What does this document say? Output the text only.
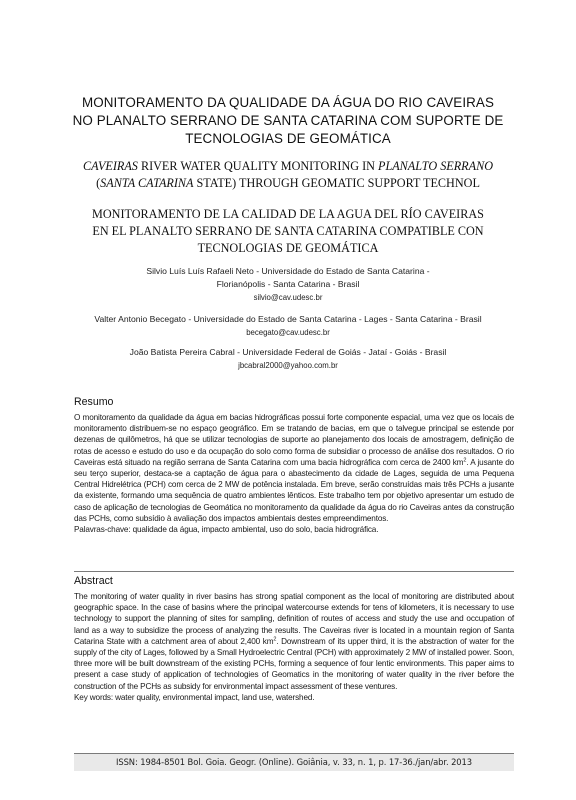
MONITORAMENTO DA QUALIDADE DA ÁGUA DO RIO CAVEIRAS
NO PLANALTO SERRANO DE SANTA CATARINA COM SUPORTE DE
TECNOLOGIAS DE GEOMÁTICA
CAVEIRAS RIVER WATER QUALITY MONITORING IN PLANALTO SERRANO
(SANTA CATARINA STATE) THROUGH GEOMATIC SUPPORT TECHNOL
MONITORAMENTO DE LA CALIDAD DE LA AGUA DEL RÍO CAVEIRAS
EN EL PLANALTO SERRANO DE SANTA CATARINA COMPATIBLE CON
TECNOLOGIAS DE GEOMÁTICA
Silvio Luís Luís Rafaeli Neto - Universidade do Estado de Santa Catarina -
Florianópolis - Santa Catarina - Brasil
silvio@cav.udesc.br
Valter Antonio Becegato - Universidade do Estado de Santa Catarina - Lages - Santa Catarina - Brasil
becegato@cav.udesc.br
João Batista Pereira Cabral - Universidade Federal de Goiás - Jataí - Goiás - Brasil
jbcabral2000@yahoo.com.br
Resumo
O monitoramento da qualidade da água em bacias hidrográficas possui forte componente espacial, uma vez que os locais de monitoramento distribuem-se no espaço geográfico. Em se tratando de bacias, em que o talvegue principal se estende por dezenas de quilômetros, há que se utilizar tecnologias de suporte ao planejamento dos locais de amostragem, definição de rotas de acesso e estudo do uso e da ocupação do solo como forma de subsidiar o processo de análise dos resultados. O rio Caveiras está situado na região serrana de Santa Catarina com uma bacia hidrográfica com cerca de 2400 $km^2$. A jusante do seu terço superior, destaca-se a captação de água para o abastecimento da cidade de Lages, seguida de uma Pequena Central Hidrelétrica (PCH) com cerca de 2 MW de potência instalada. Em breve, serão construídas mais três PCHs a jusante da existente, formando uma sequência de quatro ambientes lênticos. Este trabalho tem por objetivo apresentar um estudo de caso de aplicação de tecnologias de Geomática no monitoramento da qualidade da água do rio Caveiras antes da construção das PCHs, como subsídio à avaliação dos impactos ambientais destes empreendimentos.
Palavras-chave: qualidade da água, impacto ambiental, uso do solo, bacia hidrográfica.
Abstract
The monitoring of water quality in river basins has strong spatial component as the local of monitoring are distributed about geographic space. In the case of basins where the principal watercourse extends for tens of kilometers, it is necessary to use technology to support the planning of sites for sampling, definition of routes of access and study the use and occupation of land as a way to subsidize the process of analyzing the results. The Caveiras river is located in a mountain region of Santa Catarina State with a catchment area of about 2,400 $km^2$. Downstream of its upper third, it is the abstraction of water for the supply of the city of Lages, followed by a Small Hydroelectric Central (PCH) with approximately 2 MW of installed power. Soon, three more will be built downstream of the existing PCHs, forming a sequence of four lentic environments. This paper aims to present a case study of application of technologies of Geomatics in the monitoring of water quality in the river before the construction of the PCHs as subsidy for environmental impact assessment of these ventures.
Key words: water quality, environmental impact, land use, watershed.
ISSN: 1984-8501 Bol. Goia. Geogr. (Online). Goiânia, v. 33, n. 1, p. 17-36./jan/abr. 2013
